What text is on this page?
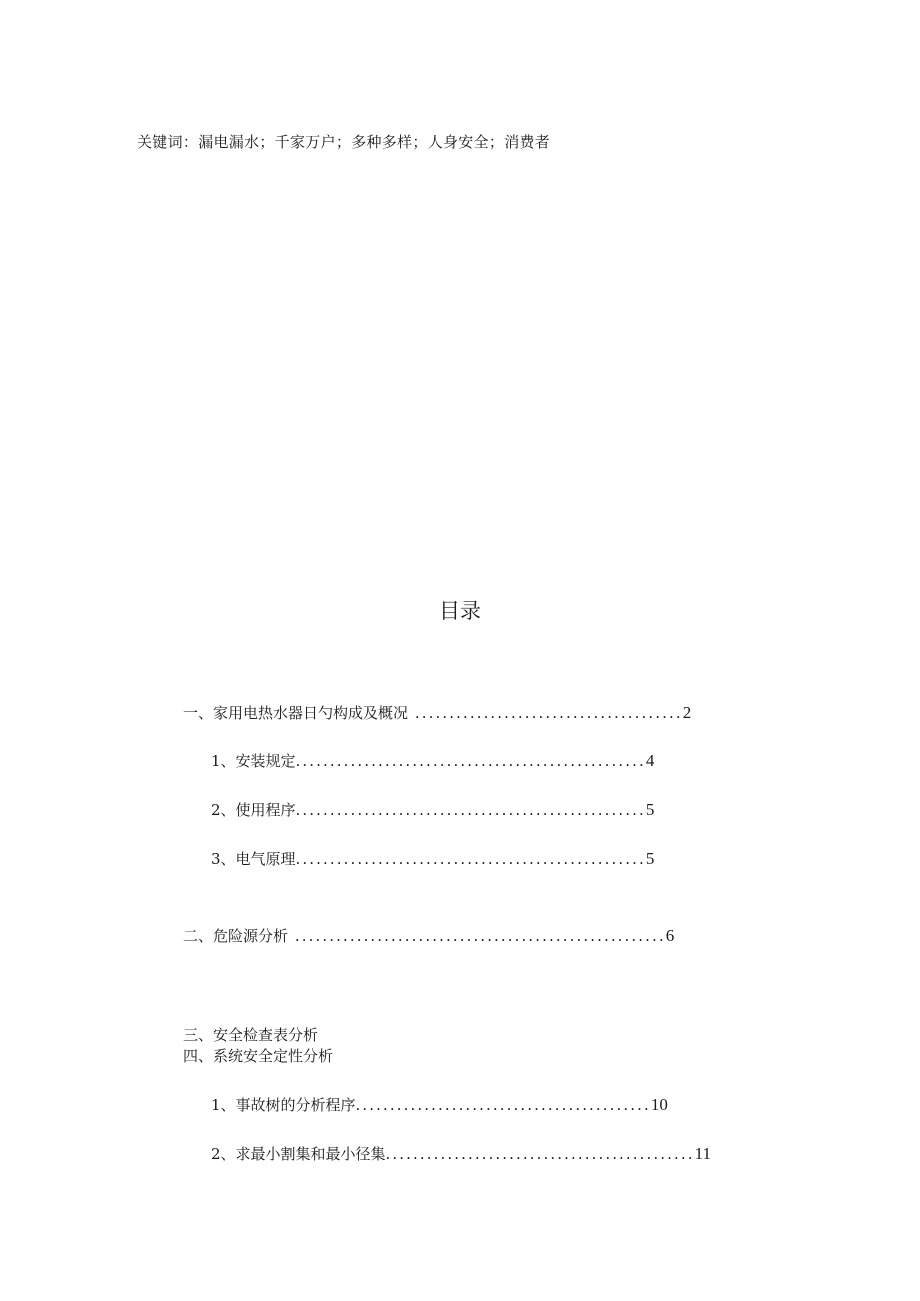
关键词：漏电漏水；千家万户；多种多样；人身安全；消费者
目录
一、家用电热水器日勺构成及概况 .......................................2
1、安装规定...................................................4
2、使用程序...................................................5
3、电气原理...................................................5
二、危险源分析 ......................................................6
三、安全检查表分析
四、系统安全定性分析
1、事故树的分析程序...........................................10
2、求最小割集和最小径集.............................................11
